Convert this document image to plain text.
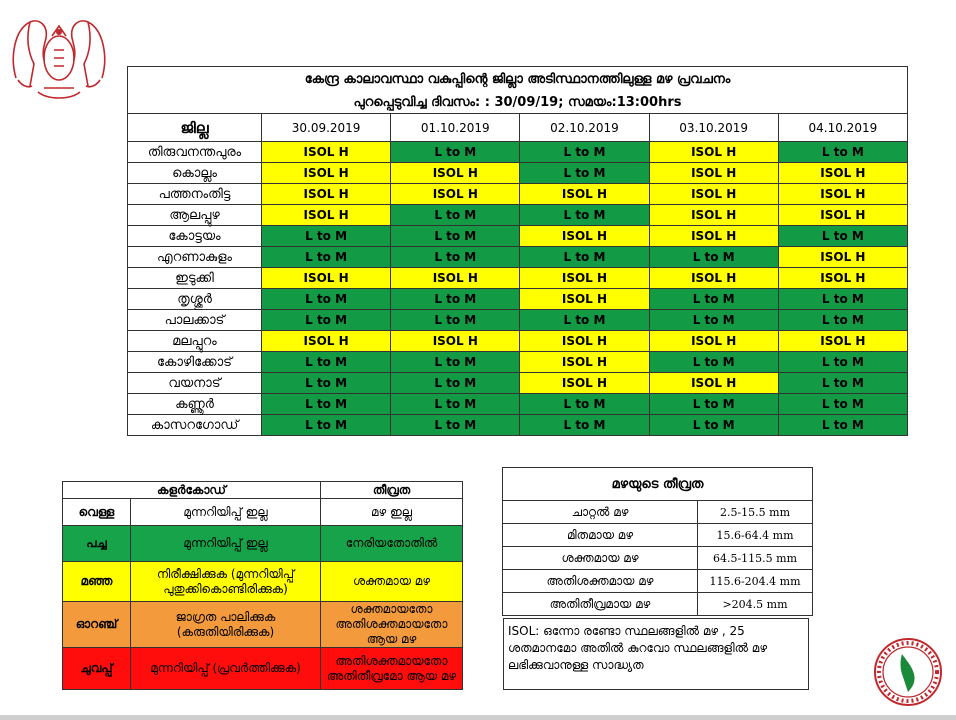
കേന്ദ്ര കാലാവസ്ഥാ വകുപ്പിന്റെ ജില്ലാ അടിസ്ഥാനത്തിലുള്ള മഴ പ്രവചനം					
പുറപ്പെടുവിച്ച ദിവസം: : 30/09/19; സമയം:13:00hrs					
ജില്ല	30.09.2019	01.10.2019	02.10.2019	03.10.2019	04.10.2019
തിരുവനന്തപുരം	ISOL H	L to M	L to M	ISOL H	L to M
കൊല്ലം	ISOL H	ISOL H	L to M	ISOL H	ISOL H
പത്തനംതിട്ട	ISOL H	ISOL H	ISOL H	ISOL H	ISOL H
ആലപ്പുഴ	ISOL H	L to M	L to M	ISOL H	ISOL H
കോട്ടയം	L to M	L to M	ISOL H	ISOL H	L to M
എറണാകുളം	L to M	L to M	L to M	L to M	ISOL H
ഇടുക്കി	ISOL H	ISOL H	ISOL H	ISOL H	ISOL H
തൃശ്ശൂർ	L to M	L to M	ISOL H	L to M	L to M
പാലക്കാട്	L to M	L to M	L to M	L to M	L to M
മലപ്പുറം	ISOL H	ISOL H	ISOL H	ISOL H	ISOL H
കോഴിക്കോട്	L to M	L to M	ISOL H	L to M	L to M
വയനാട്	L to M	L to M	ISOL H	ISOL H	L to M
കണ്ണൂർ	L to M	L to M	L to M	L to M	L to M
കാസറഗോഡ്	L to M	L to M	L to M	L to M	L to M
കളർകോഡ്		തീവ്രത
വെള്ള	മുന്നറിയിപ്പ് ഇല്ല	മഴ ഇല്ല
പച്ച	മുന്നറിയിപ്പ് ഇല്ല	നേരിയതോതിൽ
മഞ്ഞ	നിരീക്ഷിക്കുക (മുന്നറിയിപ്പ് പുതുക്കികൊണ്ടിരിക്കുക)	ശക്തമായ മഴ
ഓറഞ്ച്	ജാഗ്രത പാലിക്കുക (കരുതിയിരിക്കുക)	ശക്തമായതോ അതിശക്തമായതോ ആയ മഴ
ചുവപ്പ്	മുന്നറിയിപ്പ് (പ്രവർത്തിക്കുക)	അതിശക്തമായതോ അതിതീവ്രമോ ആയ മഴ
മഴയുടെ തീവ്രത	
ചാറ്റൽ മഴ	2.5-15.5 mm
മിതമായ മഴ	15.6-64.4 mm
ശക്തമായ മഴ	64.5-115.5 mm
അതിശക്തമായ മഴ	115.6-204.4 mm
അതിതീവ്രമായ മഴ	>204.5 mm
ISOL: ഒന്നോ രണ്ടോ സ്ഥലങ്ങളിൽ മഴ , 25 ശതമാനമോ അതിൽ കുറവോ സ്ഥലങ്ങളിൽ മഴ ലഭിക്കുവാനുള്ള സാദ്ധ്യത
